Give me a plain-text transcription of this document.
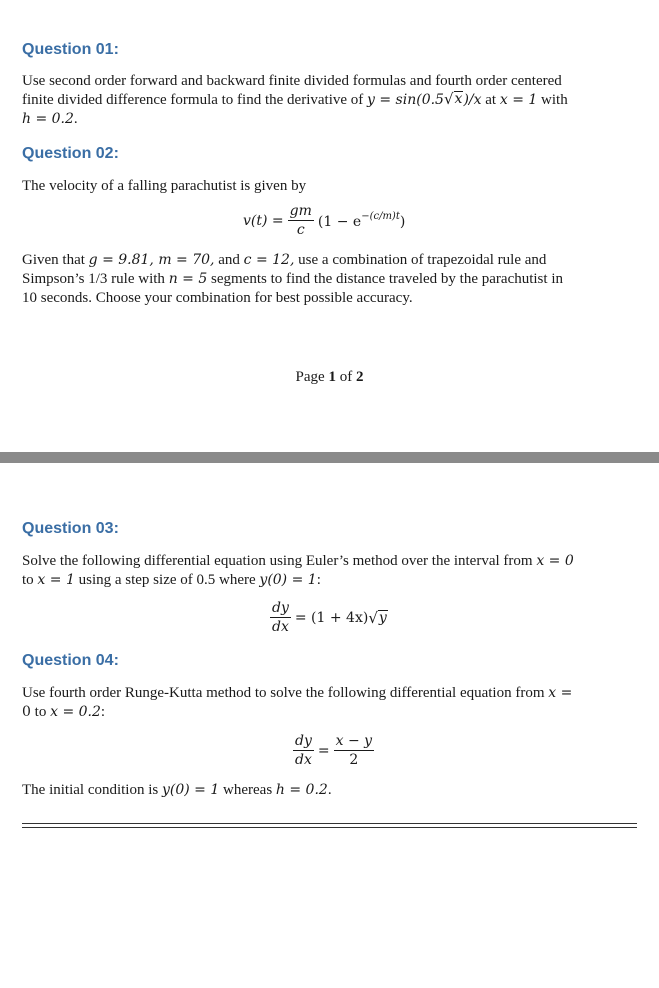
Question 01:

Use second order forward and backward finite divided formulas and fourth order centered
finite divided difference formula to find the derivative of y = sin(0.5 √ x )/x at x = 1 with
h = 0.2.

Question 02:

The velocity of a falling parachutist is given by

$v(t) = \frac{gm}{c} (1 - e^{-(c/m)t})$

Given that g = 9.81, m = 70, and c = 12, use a combination of trapezoidal rule and
Simpson’s 1/3 rule with n = 5 segments to find the distance traveled by the parachutist in
10 seconds. Choose your combination for best possible accuracy.

Page 1 of 2
Question 03:

Solve the following differential equation using Euler’s method over the interval from x = 0
to x = 1 using a step size of 0.5 where y(0) = 1:

$\frac{dy}{dx} = (1 + 4x)$ √ y
Question 04:

Use fourth order Runge-Kutta method to solve the following differential equation from x =
0 to x = 0.2:

$\frac{dy}{dx} = \frac{x - y}{2}$

The initial condition is y(0) = 1 whereas h = 0.2.
